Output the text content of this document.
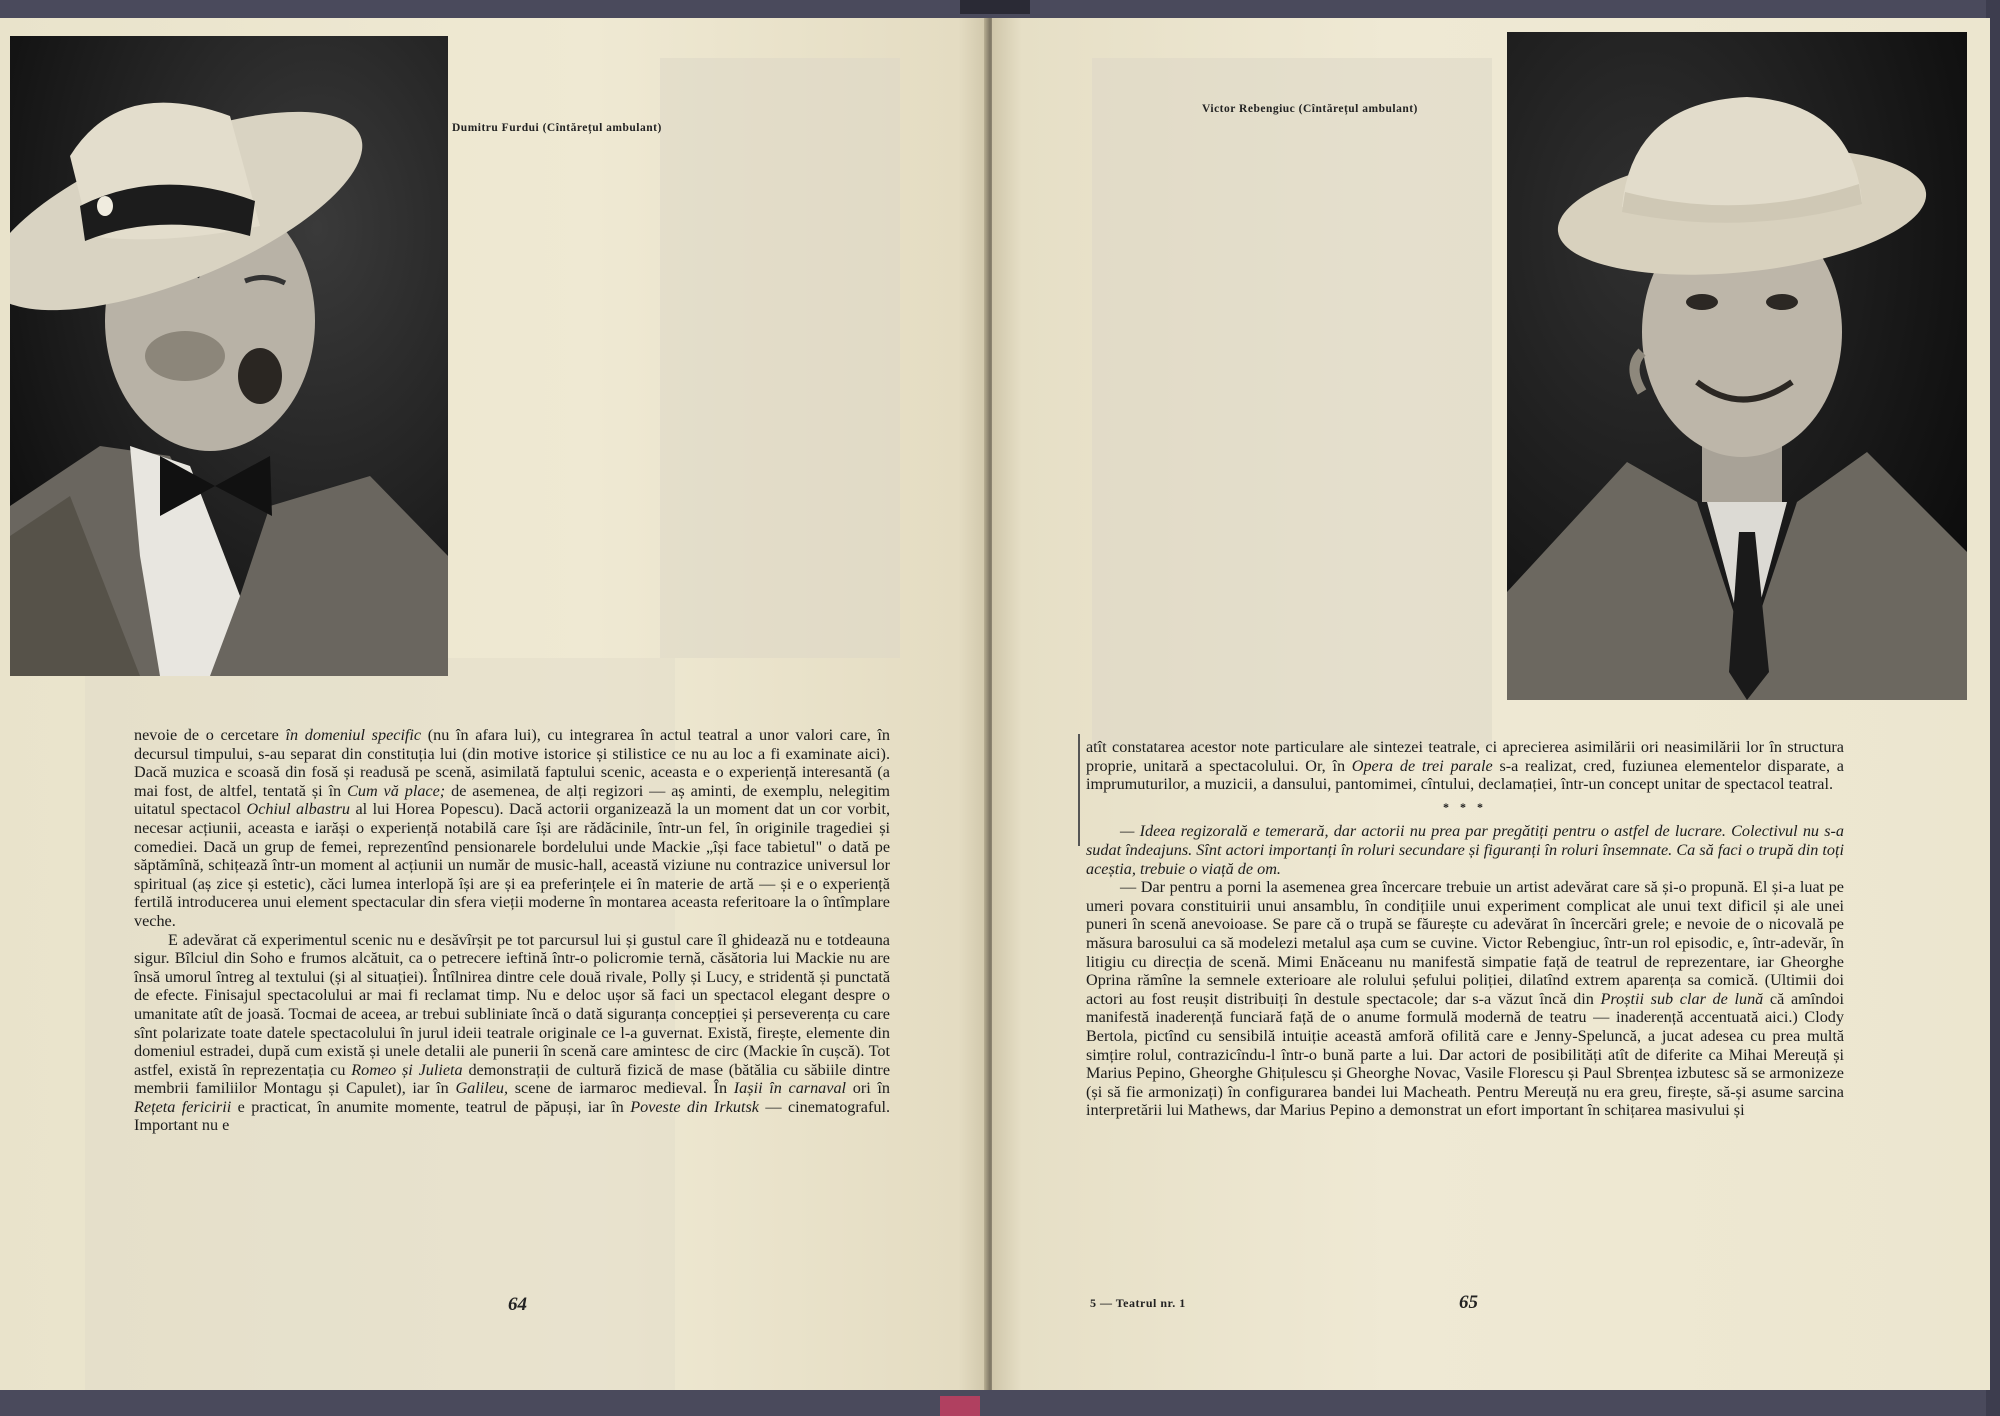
Dumitru Furdui (Cîntărețul ambulant)

nevoie de o cercetare în domeniul specific (nu în afara lui), cu integrarea în actul teatral a unor valori care, în decursul timpului, s-au separat din constituția lui (din motive istorice și stilistice ce nu au loc a fi examinate aici). Dacă muzica e scoasă din fosă și readusă pe scenă, asimilată faptului scenic, aceasta e o experiență interesantă (a mai fost, de altfel, tentată și în Cum vă place; de asemenea, de alți regizori — aș aminti, de exemplu, nelegitim uitatul spectacol Ochiul albastru al lui Horea Popescu). Dacă actorii organizează la un moment dat un cor vorbit, necesar acțiunii, aceasta e iarăși o experiență notabilă care își are rădăcinile, într-un fel, în originile tragediei și comediei. Dacă un grup de femei, reprezentînd pensionarele bordelului unde Mackie „își face tabietul" o dată pe săptămînă, schițează într-un moment al acțiunii un număr de music-hall, această viziune nu contrazice universul lor spiritual (aș zice și estetic), căci lumea interlopă își are și ea preferințele ei în materie de artă — și e o experiență fertilă introducerea unui element spectacular din sfera vieții moderne în montarea aceasta referitoare la o întîmplare veche.

E adevărat că experimentul scenic nu e desăvîrșit pe tot parcursul lui și gustul care îl ghidează nu e totdeauna sigur. Bîlciul din Soho e frumos alcătuit, ca o petrecere ieftină într-o policromie ternă, căsătoria lui Mackie nu are însă umorul întreg al textului (și al situației). Întîlnirea dintre cele două rivale, Polly și Lucy, e stridentă și punctată de efecte. Finisajul spectacolului ar mai fi reclamat timp. Nu e deloc ușor să faci un spectacol elegant despre o umanitate atît de joasă. Tocmai de aceea, ar trebui subliniate încă o dată siguranța concepției și perseverența cu care sînt polarizate toate datele spectacolului în jurul ideii teatrale originale ce l-a guvernat. Există, firește, elemente din domeniul estradei, după cum există și unele detalii ale punerii în scenă care amintesc de circ (Mackie în cușcă). Tot astfel, există în reprezentația cu Romeo și Julieta demonstrații de cultură fizică de mase (bătălia cu săbiile dintre membrii familiilor Montagu și Capulet), iar în Galileu, scene de iarmaroc medieval. În Iașii în carnaval ori în Rețeta fericirii e practicat, în anumite momente, teatrul de păpuși, iar în Poveste din Irkutsk — cinematograful. Important nu e

64
Victor Rebengiuc (Cîntărețul ambulant)

atît constatarea acestor note particulare ale sintezei teatrale, ci aprecierea asimilării ori neasimilării lor în structura proprie, unitară a spectacolului. Or, în Opera de trei parale s-a realizat, cred, fuziunea elementelor disparate, a imprumuturilor, a muzicii, a dansului, pantomimei, cîntului, declamației, într-un concept unitar de spectacol teatral.

* * *

— Ideea regizorală e temerară, dar actorii nu prea par pregătiți pentru o astfel de lucrare. Colectivul nu s-a sudat îndeajuns. Sînt actori importanți în roluri secundare și figuranți în roluri însemnate. Ca să faci o trupă din toți aceștia, trebuie o viață de om.

— Dar pentru a porni la asemenea grea încercare trebuie un artist adevărat care să și-o propună. El și-a luat pe umeri povara constituirii unui ansamblu, în condițiile unui experiment complicat ale unui text dificil și ale unei puneri în scenă anevoioase. Se pare că o trupă se făurește cu adevărat în încercări grele; e nevoie de o nicovală pe măsura barosului ca să modelezi metalul așa cum se cuvine. Victor Rebengiuc, într-un rol episodic, e, într-adevăr, în litigiu cu direcția de scenă. Mimi Enăceanu nu manifestă simpatie față de teatrul de reprezentare, iar Gheorghe Oprina rămîne la semnele exterioare ale rolului șefului poliției, dilatînd extrem aparența sa comică. (Ultimii doi actori au fost reușit distribuiți în destule spectacole; dar s-a văzut încă din Proștii sub clar de lună că amîndoi manifestă inaderență funciară față de o anume formulă modernă de teatru — inaderență accentuată aici.) Clody Bertola, pictînd cu sensibilă intuiție această amforă ofilită care e Jenny-Speluncă, a jucat adesea cu prea multă simțire rolul, contrazicîndu-l într-o bună parte a lui. Dar actori de posibilități atît de diferite ca Mihai Mereuță și Marius Pepino, Gheorghe Ghițulescu și Gheorghe Novac, Vasile Florescu și Paul Sbrențea izbutesc să se armonizeze (și să fie armonizați) în configurarea bandei lui Macheath. Pentru Mereuță nu era greu, firește, să-și asume sarcina interpretării lui Mathews, dar Marius Pepino a demonstrat un efort important în schițarea masivului și

5 — Teatrul nr. 1	65
